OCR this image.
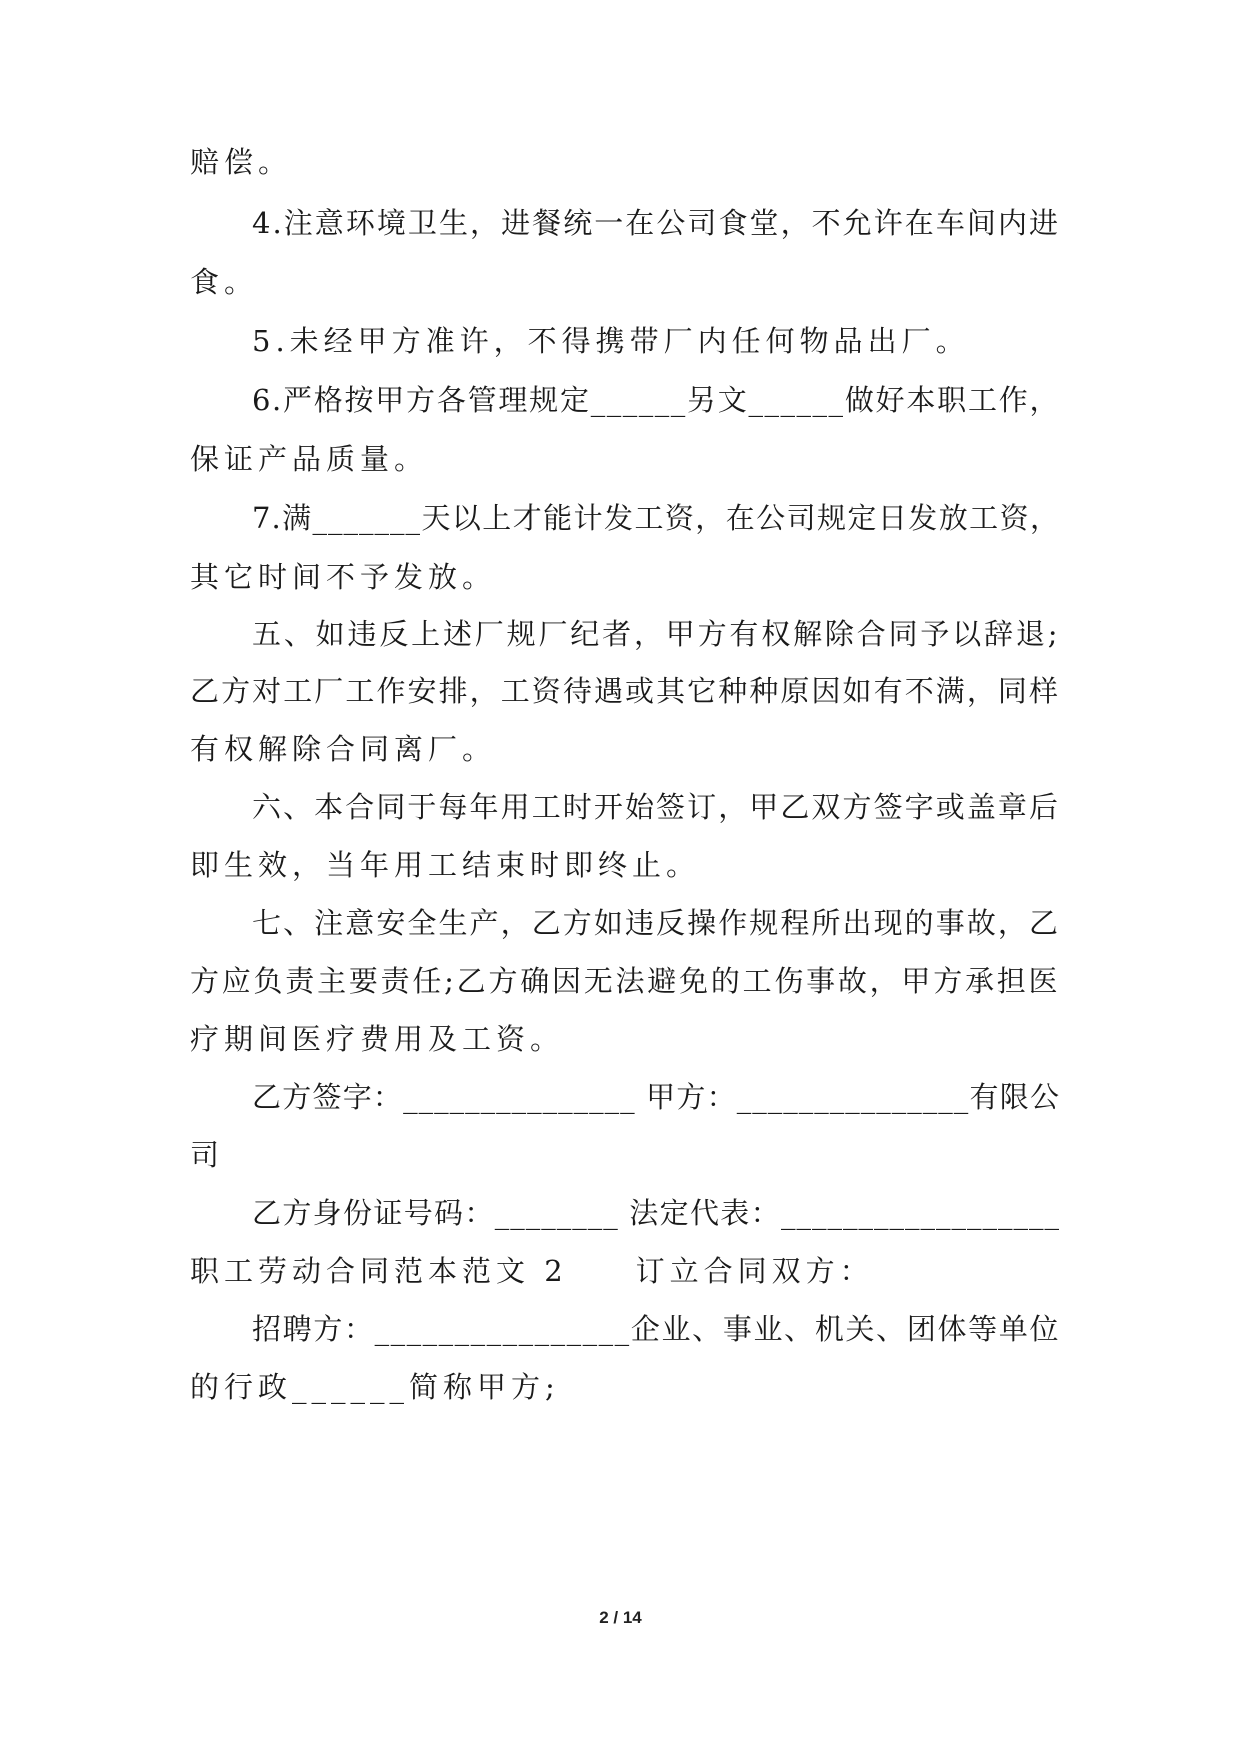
赔偿。
4.注意环境卫生，进餐统一在公司食堂，不允许在车间内进
食。
5.未经甲方准许，不得携带厂内任何物品出厂。
6.严格按甲方各管理规定______另文______做好本职工作，
保证产品质量。
7.满_______天以上才能计发工资，在公司规定日发放工资，
其它时间不予发放。
五、如违反上述厂规厂纪者，甲方有权解除合同予以辞退;
乙方对工厂工作安排，工资待遇或其它种种原因如有不满，同样
有权解除合同离厂。
六、本合同于每年用工时开始签订，甲乙双方签字或盖章后
即生效，当年用工结束时即终止。
七、注意安全生产，乙方如违反操作规程所出现的事故，乙
方应负责主要责任;乙方确因无法避免的工伤事故，甲方承担医
疗期间医疗费用及工资。
乙方签字：_______________ 甲方：_______________有限公
司
乙方身份证号码：________ 法定代表：__________________
职工劳动合同范本范文 2　　订立合同双方：
招聘方：________________企业、事业、机关、团体等单位
的行政______简称甲方;
2 / 14
